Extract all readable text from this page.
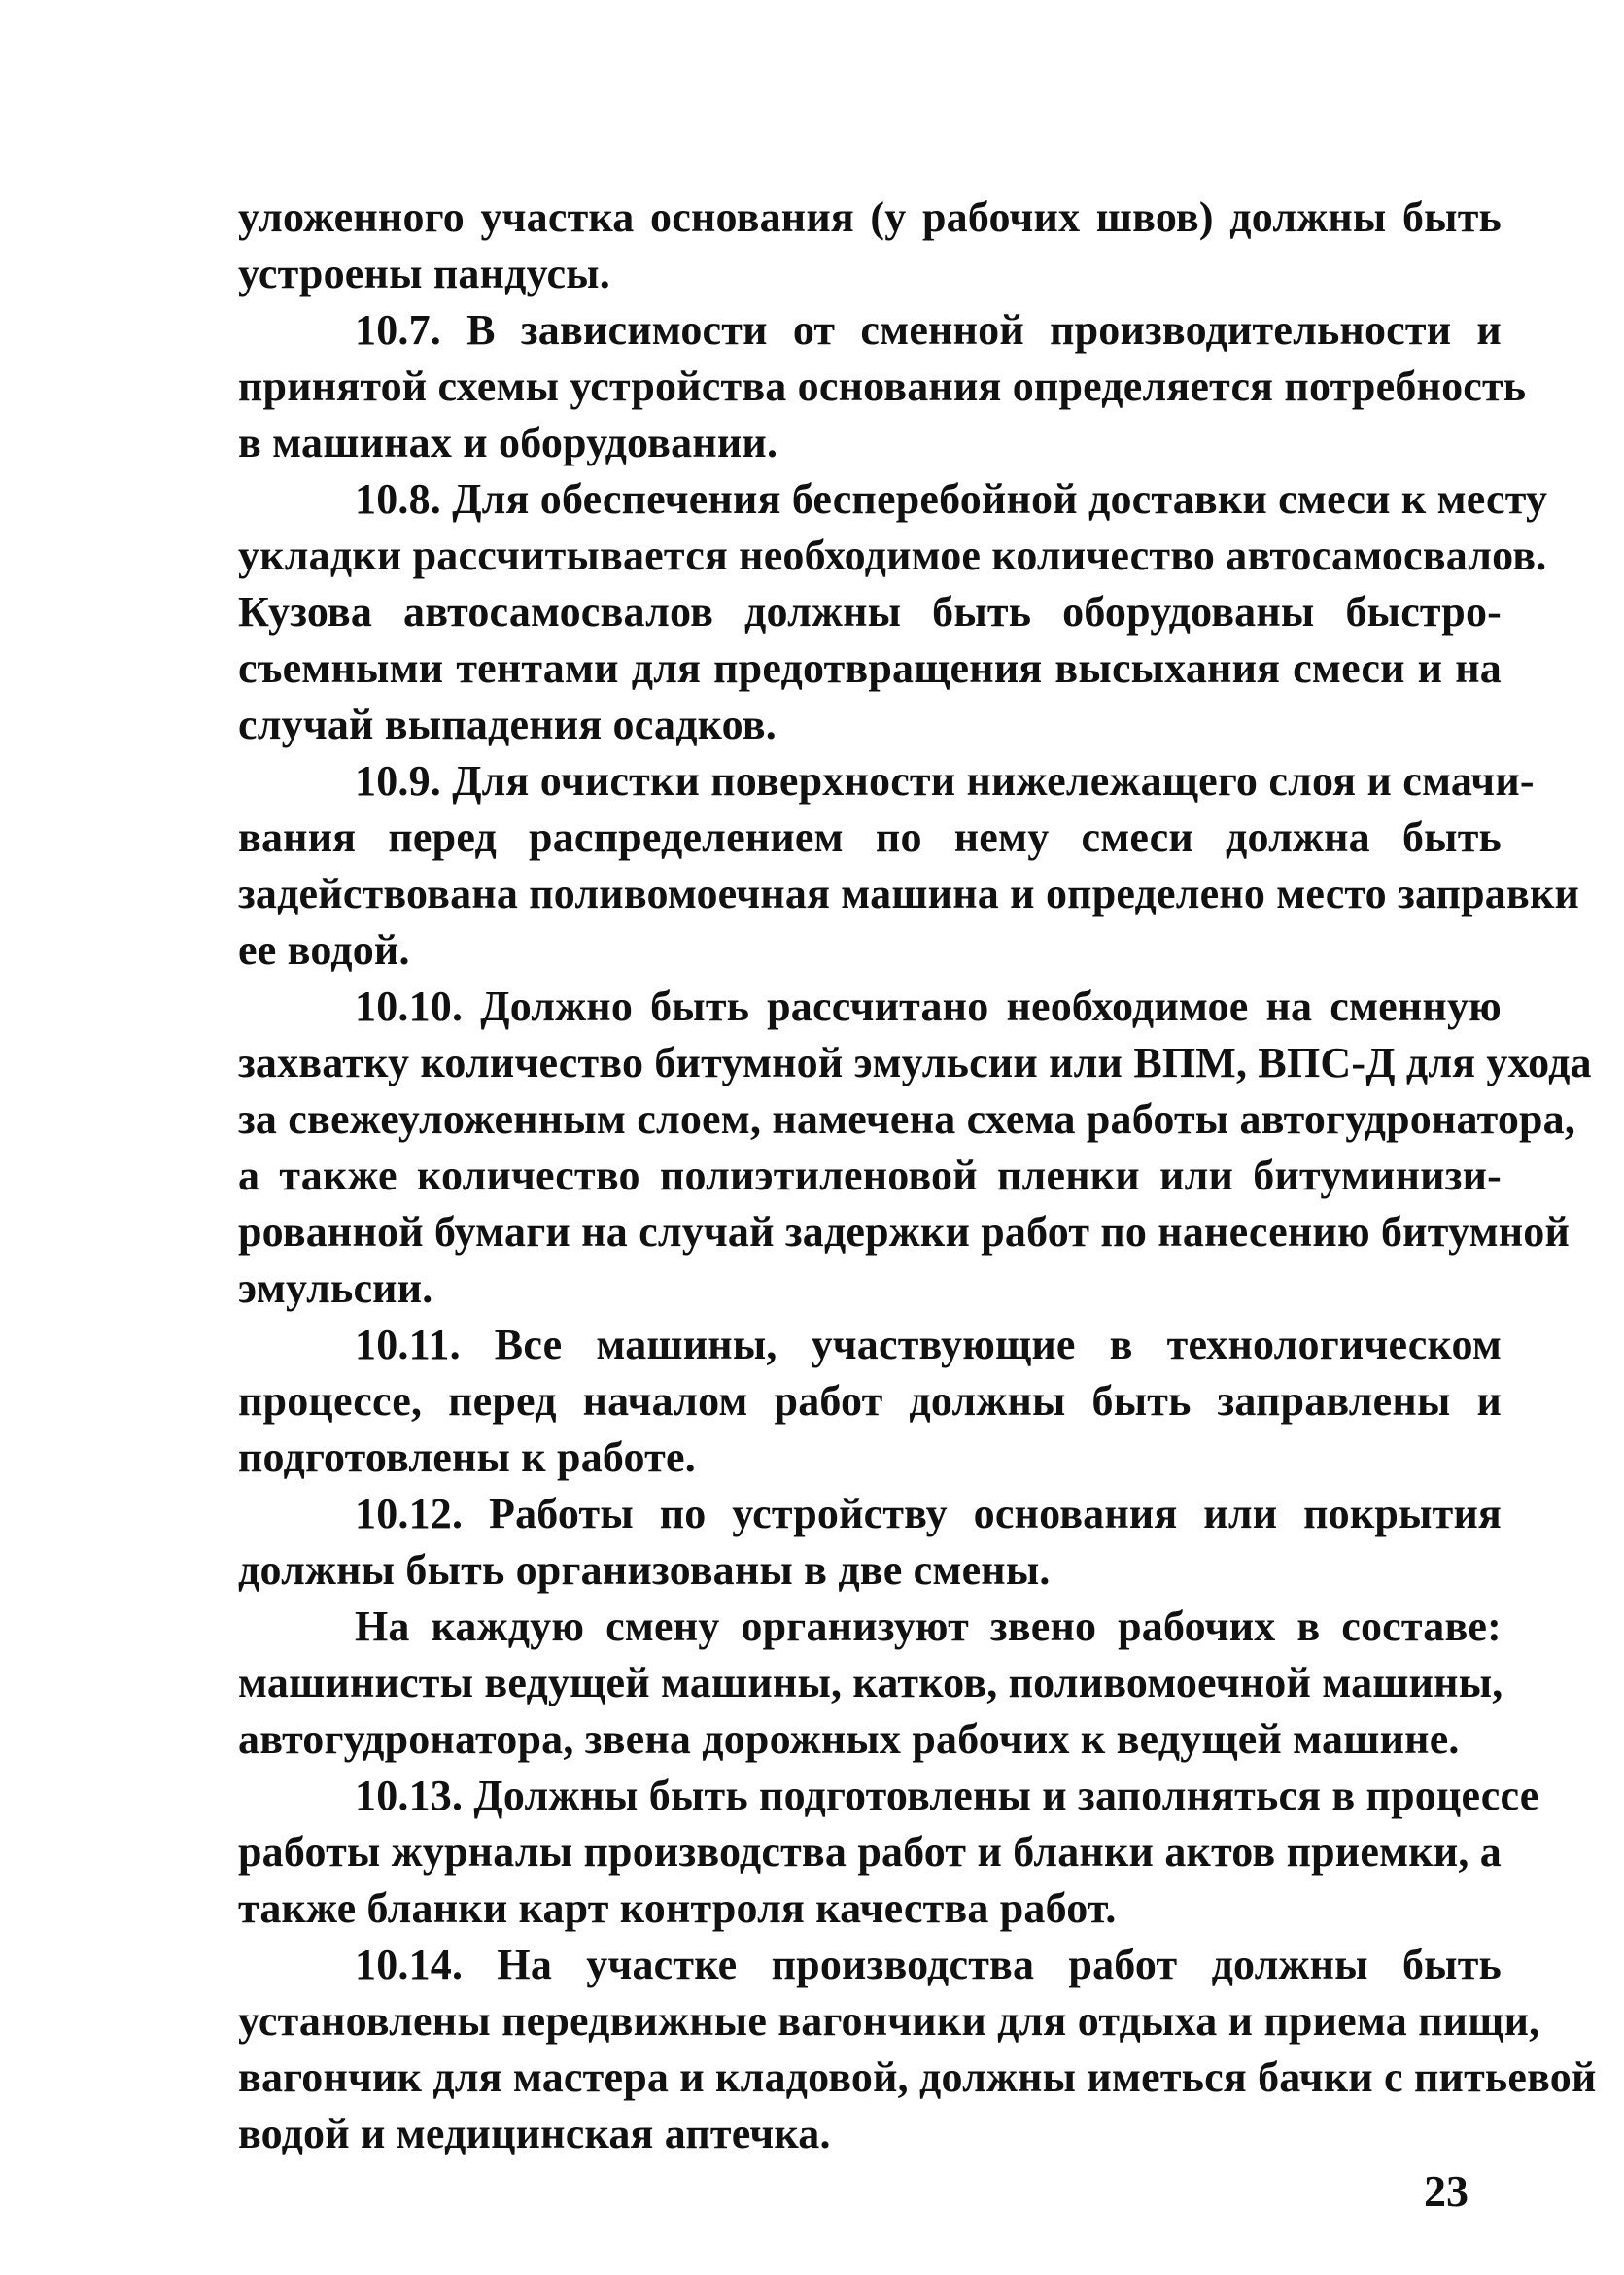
уложенного участка основания (у рабочих швов) должны быть
устроены пандусы.

10.7. В зависимости от сменной производительности и
принятой схемы устройства основания определяется потребность
в машинах и оборудовании.

10.8. Для обеспечения бесперебойной доставки смеси к месту
укладки рассчитывается необходимое количество автосамосвалов.
Кузова автосамосвалов должны быть оборудованы быстро-
съемными тентами для предотвращения высыхания смеси и на
случай выпадения осадков.

10.9. Для очистки поверхности нижележащего слоя и смачи-
вания перед распределением по нему смеси должна быть
задействована поливомоечная машина и определено место заправки
ее водой.

10.10. Должно быть рассчитано необходимое на сменную
захватку количество битумной эмульсии или ВПМ, ВПС-Д для ухода
за свежеуложенным слоем, намечена схема работы автогудронатора,
а также количество полиэтиленовой пленки или битуминизи-
рованной бумаги на случай задержки работ по нанесению битумной
эмульсии.

10.11. Все машины, участвующие в технологическом
процессе, перед началом работ должны быть заправлены и
подготовлены к работе.

10.12. Работы по устройству основания или покрытия
должны быть организованы в две смены.

На каждую смену организуют звено рабочих в составе:
машинисты ведущей машины, катков, поливомоечной машины,
автогудронатора, звена дорожных рабочих к ведущей машине.

10.13. Должны быть подготовлены и заполняться в процессе
работы журналы производства работ и бланки актов приемки, а
также бланки карт контроля качества работ.

10.14. На участке производства работ должны быть
установлены передвижные вагончики для отдыха и приема пищи,
вагончик для мастера и кладовой, должны иметься бачки с питьевой
водой и медицинская аптечка.

23
